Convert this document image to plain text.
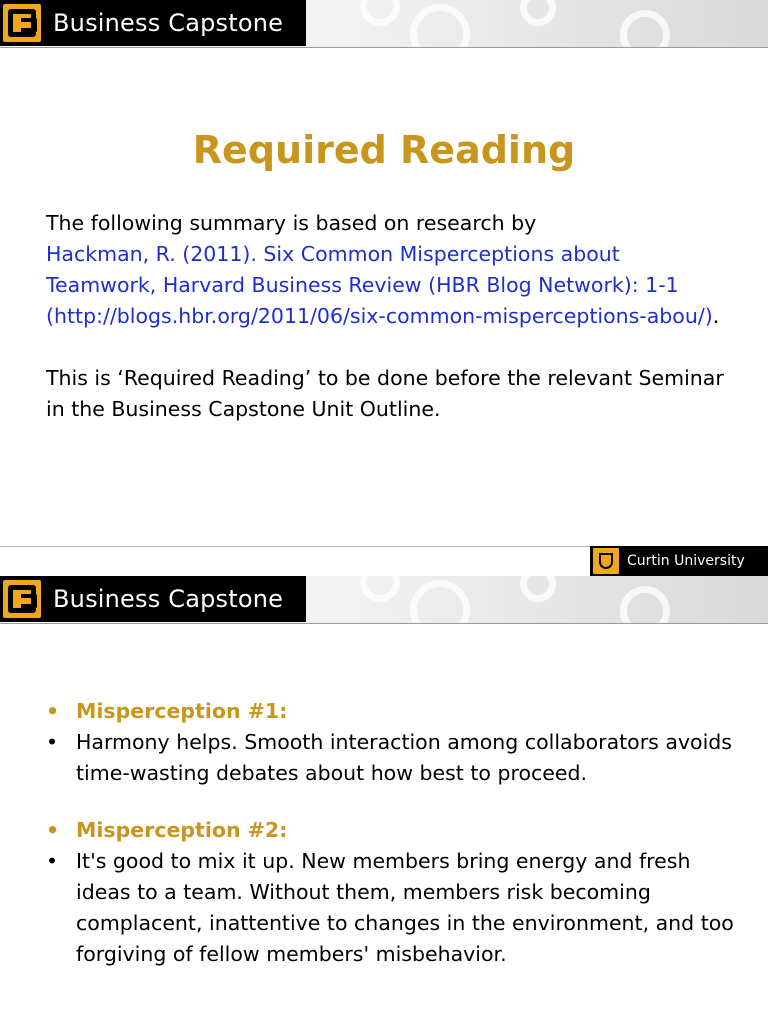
Business Capstone
Required Reading
The following summary is based on research by
Hackman, R. (2011). Six Common Misperceptions about Teamwork, Harvard Business Review (HBR Blog Network): 1-1 (http://blogs.hbr.org/2011/06/six-common-misperceptions-abou/).
This is ‘Required Reading’ to be done before the relevant Seminar in the Business Capstone Unit Outline.
Curtin University
Business Capstone
• Misperception #1:
• Harmony helps. Smooth interaction among collaborators avoids time-wasting debates about how best to proceed.
• Misperception #2:
• It's good to mix it up. New members bring energy and fresh ideas to a team. Without them, members risk becoming complacent, inattentive to changes in the environment, and too forgiving of fellow members' misbehavior.
